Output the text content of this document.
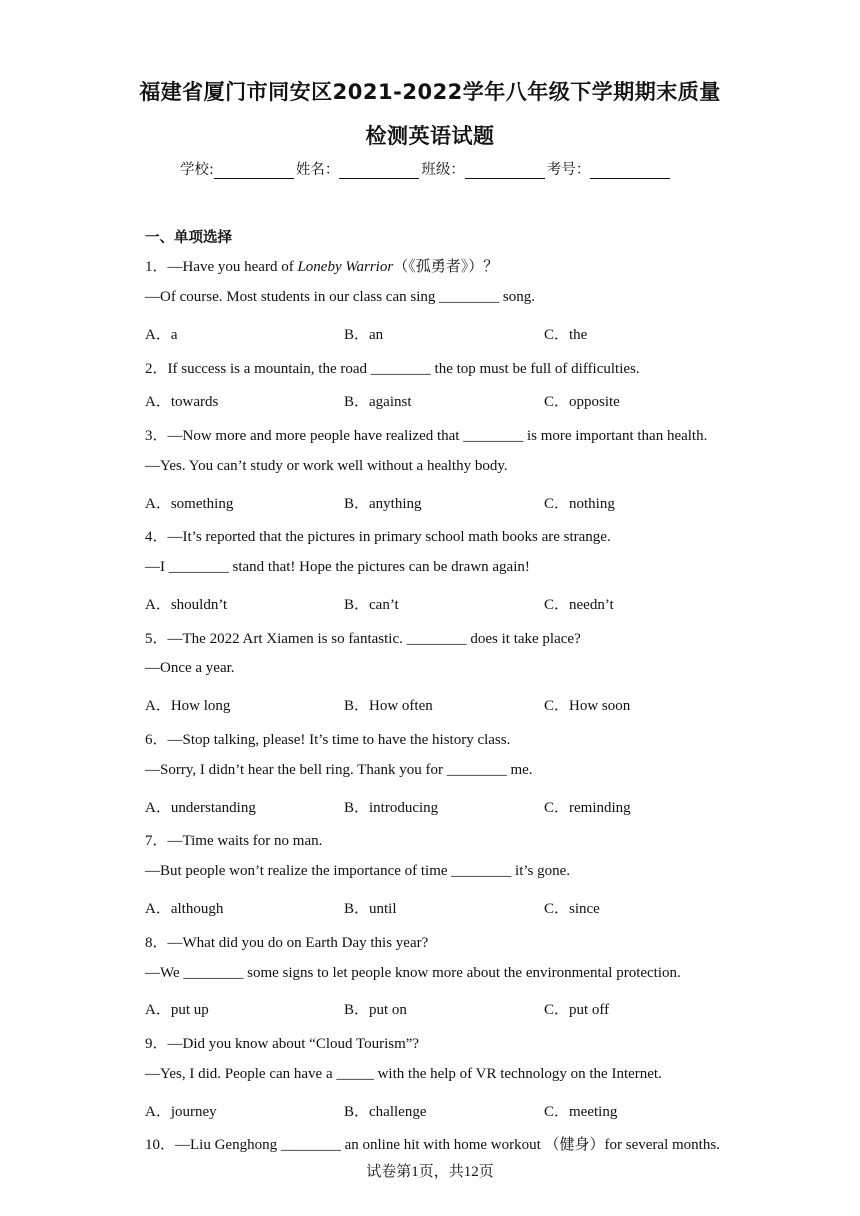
福建省厦门市同安区2021-2022学年八年级下学期期末质量
检测英语试题
学校:	姓名：	班级：	考号：
一、单项选择
1．—Have you heard of Loneby Warrior（《孤勇者》）？
—Of course. Most students in our class can sing ________ song.
A．a	B．an	C．the
2．If success is a mountain, the road ________ the top must be full of difficulties.
A．towards	B．against	C．opposite
3．—Now more and more people have realized that ________ is more important than health.
—Yes. You can’t study or work well without a healthy body.
A．something	B．anything	C．nothing
4．—It’s reported that the pictures in primary school math books are strange.
—I ________ stand that! Hope the pictures can be drawn again!
A．shouldn’t	B．can’t	C．needn’t
5．—The 2022 Art Xiamen is so fantastic. ________ does it take place?
—Once a year.
A．How long	B．How often	C．How soon
6．—Stop talking, please! It’s time to have the history class.
—Sorry, I didn’t hear the bell ring. Thank you for ________ me.
A．understanding	B．introducing	C．reminding
7．—Time waits for no man.
—But people won’t realize the importance of time ________ it’s gone.
A．although	B．until	C．since
8．—What did you do on Earth Day this year?
—We ________ some signs to let people know more about the environmental protection.
A．put up	B．put on	C．put off
9．—Did you know about “Cloud Tourism”?
—Yes, I did. People can have a _____ with the help of VR technology on the Internet.
A．journey	B．challenge	C．meeting
10．—Liu Genghong ________ an online hit with home workout （健身）for several months.
试卷第1页，共12页
